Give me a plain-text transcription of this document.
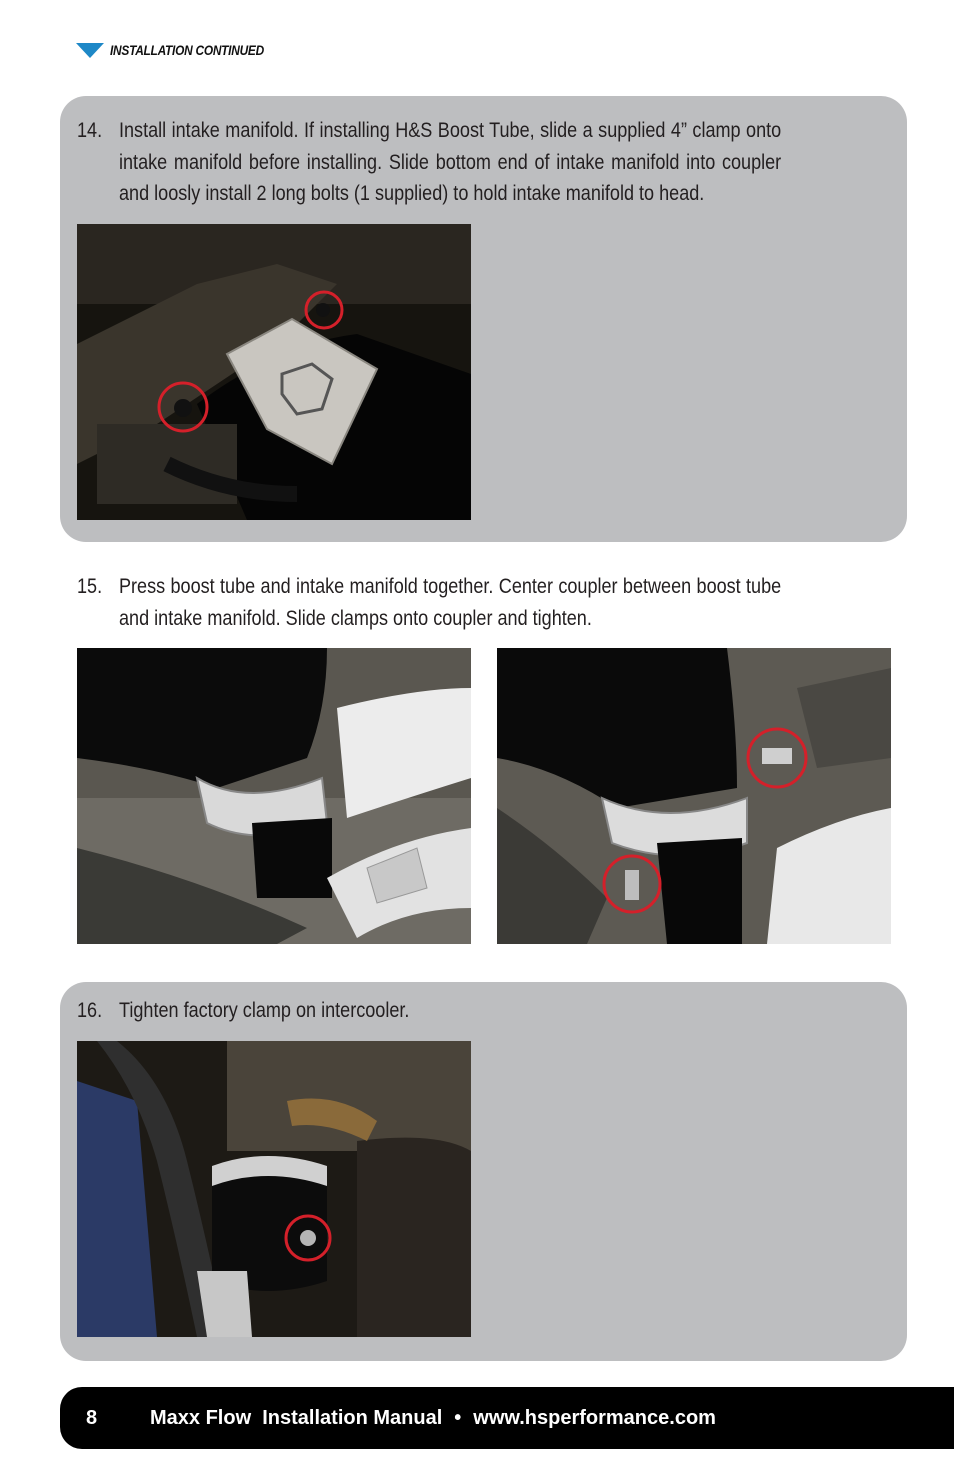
INSTALLATION CONTINUED
14. Install intake manifold. If installing H&S Boost Tube, slide a supplied 4” clamp onto intake manifold before installing. Slide bottom end of intake manifold into coupler and loosly install 2 long bolts (1 supplied) to hold intake manifold to head.
15. Press boost tube and intake manifold together. Center coupler between boost tube and intake manifold. Slide clamps onto coupler and tighten.
16. Tighten factory clamp on intercooler.
8	Maxx Flow  Installation Manual • www.hsperformance.com
